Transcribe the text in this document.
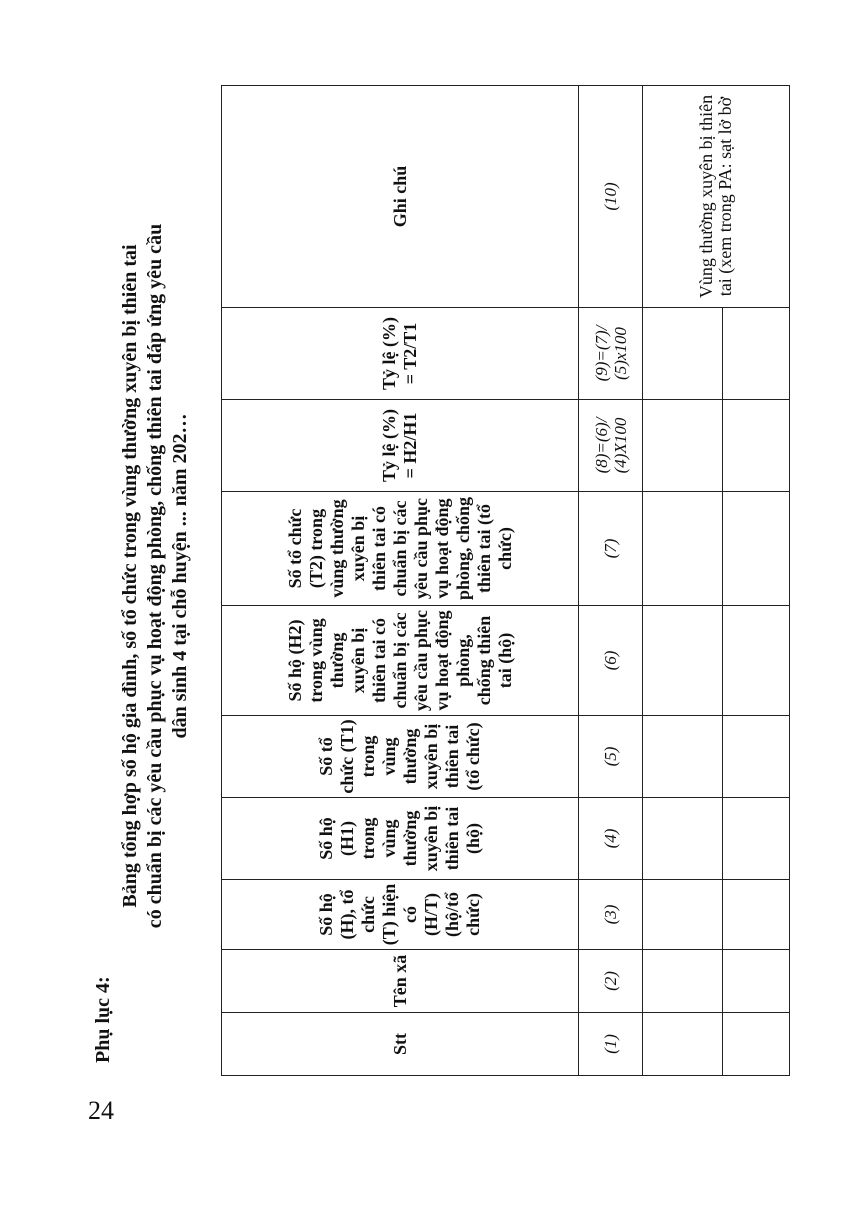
24
Phụ lục 4:
Bảng tổng hợp số hộ gia đình, số tổ chức trong vùng thường xuyên bị thiên tai có chuẩn bị các yêu cầu phục vụ hoạt động phòng, chống thiên tai đáp ứng yêu cầu dân sinh 4 tại chỗ huyện ... năm 202…
Stt	Tên xã	Số hộ (H), tổ chức (T) hiện có (H/T) (hộ/tổ chức)	Số hộ (H1) trong vùng thường xuyên bị thiên tai (hộ)	Số tổ chức (T1) trong vùng thường xuyên bị thiên tai (tổ chức)	Số hộ (H2) trong vùng thường xuyên bị thiên tai có chuẩn bị các yêu cầu phục vụ hoạt động phòng, chống thiên tai (hộ)	Số tổ chức (T2) trong vùng thường xuyên bị thiên tai có chuẩn bị các yêu cầu phục vụ hoạt động phòng, chống thiên tai (tổ chức)	Tỷ lệ (%) = H2/H1	Tỷ lệ (%) = T2/T1	Ghi chú
(1)	(2)	(3)	(4)	(5)	(6)	(7)	(8)=(6)/ (4)X100	(9)=(7)/ (5)x100	(10)
									Vùng thường xuyên bị thiên tai (xem trong PA: sạt lở bờ
